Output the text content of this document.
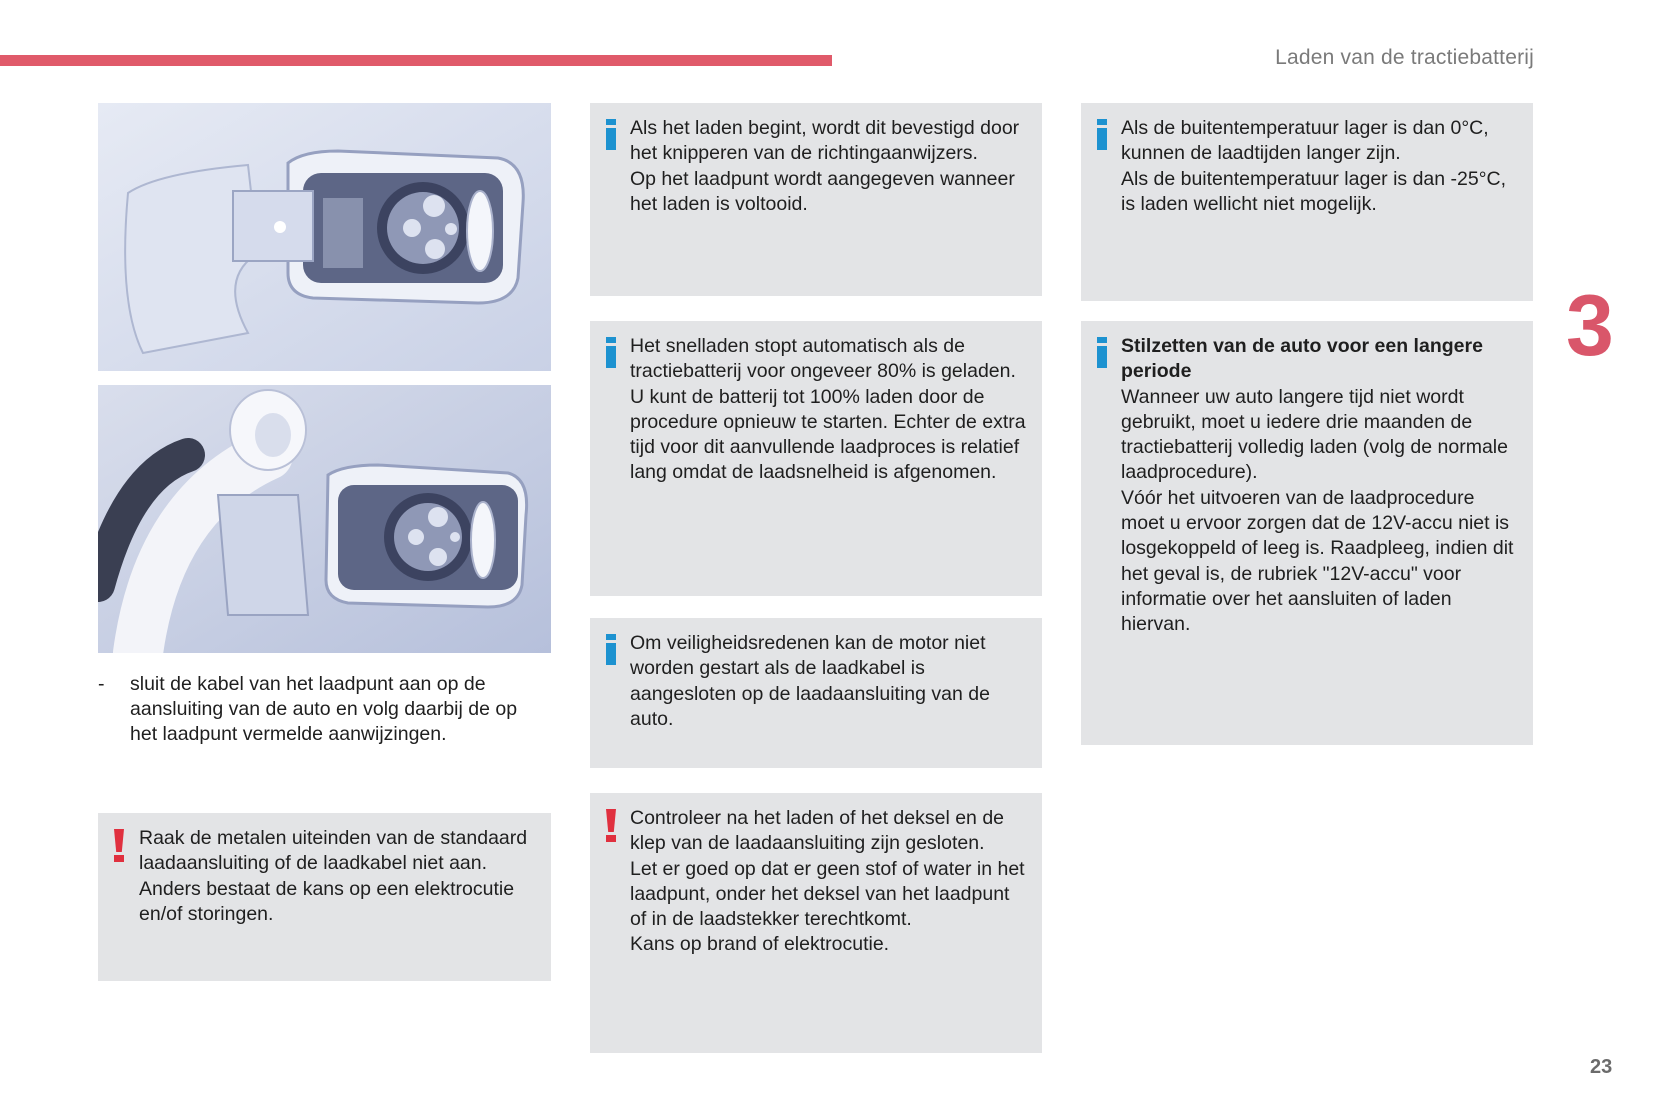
Laden van de tractiebatterij
3
23
-	sluit de kabel van het laadpunt aan op de aansluiting van de auto en volg daarbij de op het laadpunt vermelde aanwijzingen.

Als het laden begint, wordt dit bevestigd door het knipperen van de richtingaanwijzers.

Op het laadpunt wordt aangegeven wanneer het laden is voltooid.

Het snelladen stopt automatisch als de tractiebatterij voor ongeveer 80% is geladen. U kunt de batterij tot 100% laden door de procedure opnieuw te starten. Echter de extra tijd voor dit aanvullende laadproces is relatief lang omdat de laadsnelheid is afgenomen.

Om veiligheidsredenen kan de motor niet worden gestart als de laadkabel is aangesloten op de laadaansluiting van de auto.

Controleer na het laden of het deksel en de klep van de laadaansluiting zijn gesloten.

Let er goed op dat er geen stof of water in het laadpunt, onder het deksel van het laadpunt of in de laadstekker terechtkomt.

Kans op brand of elektrocutie.

Raak de metalen uiteinden van de standaard laadaansluiting of de laadkabel niet aan. Anders bestaat de kans op een elektrocutie en/of storingen.

Als de buitentemperatuur lager is dan 0°C, kunnen de laadtijden langer zijn.

Als de buitentemperatuur lager is dan -25°C, is laden wellicht niet mogelijk.

Stilzetten van de auto voor een langere periode

Wanneer uw auto langere tijd niet wordt gebruikt, moet u iedere drie maanden de tractiebatterij volledig laden (volg de normale laadprocedure).

Vóór het uitvoeren van de laadprocedure moet u ervoor zorgen dat de 12V-accu niet is losgekoppeld of leeg is. Raadpleeg, indien dit het geval is, de rubriek "12V-accu" voor informatie over het aansluiten of laden hiervan.
